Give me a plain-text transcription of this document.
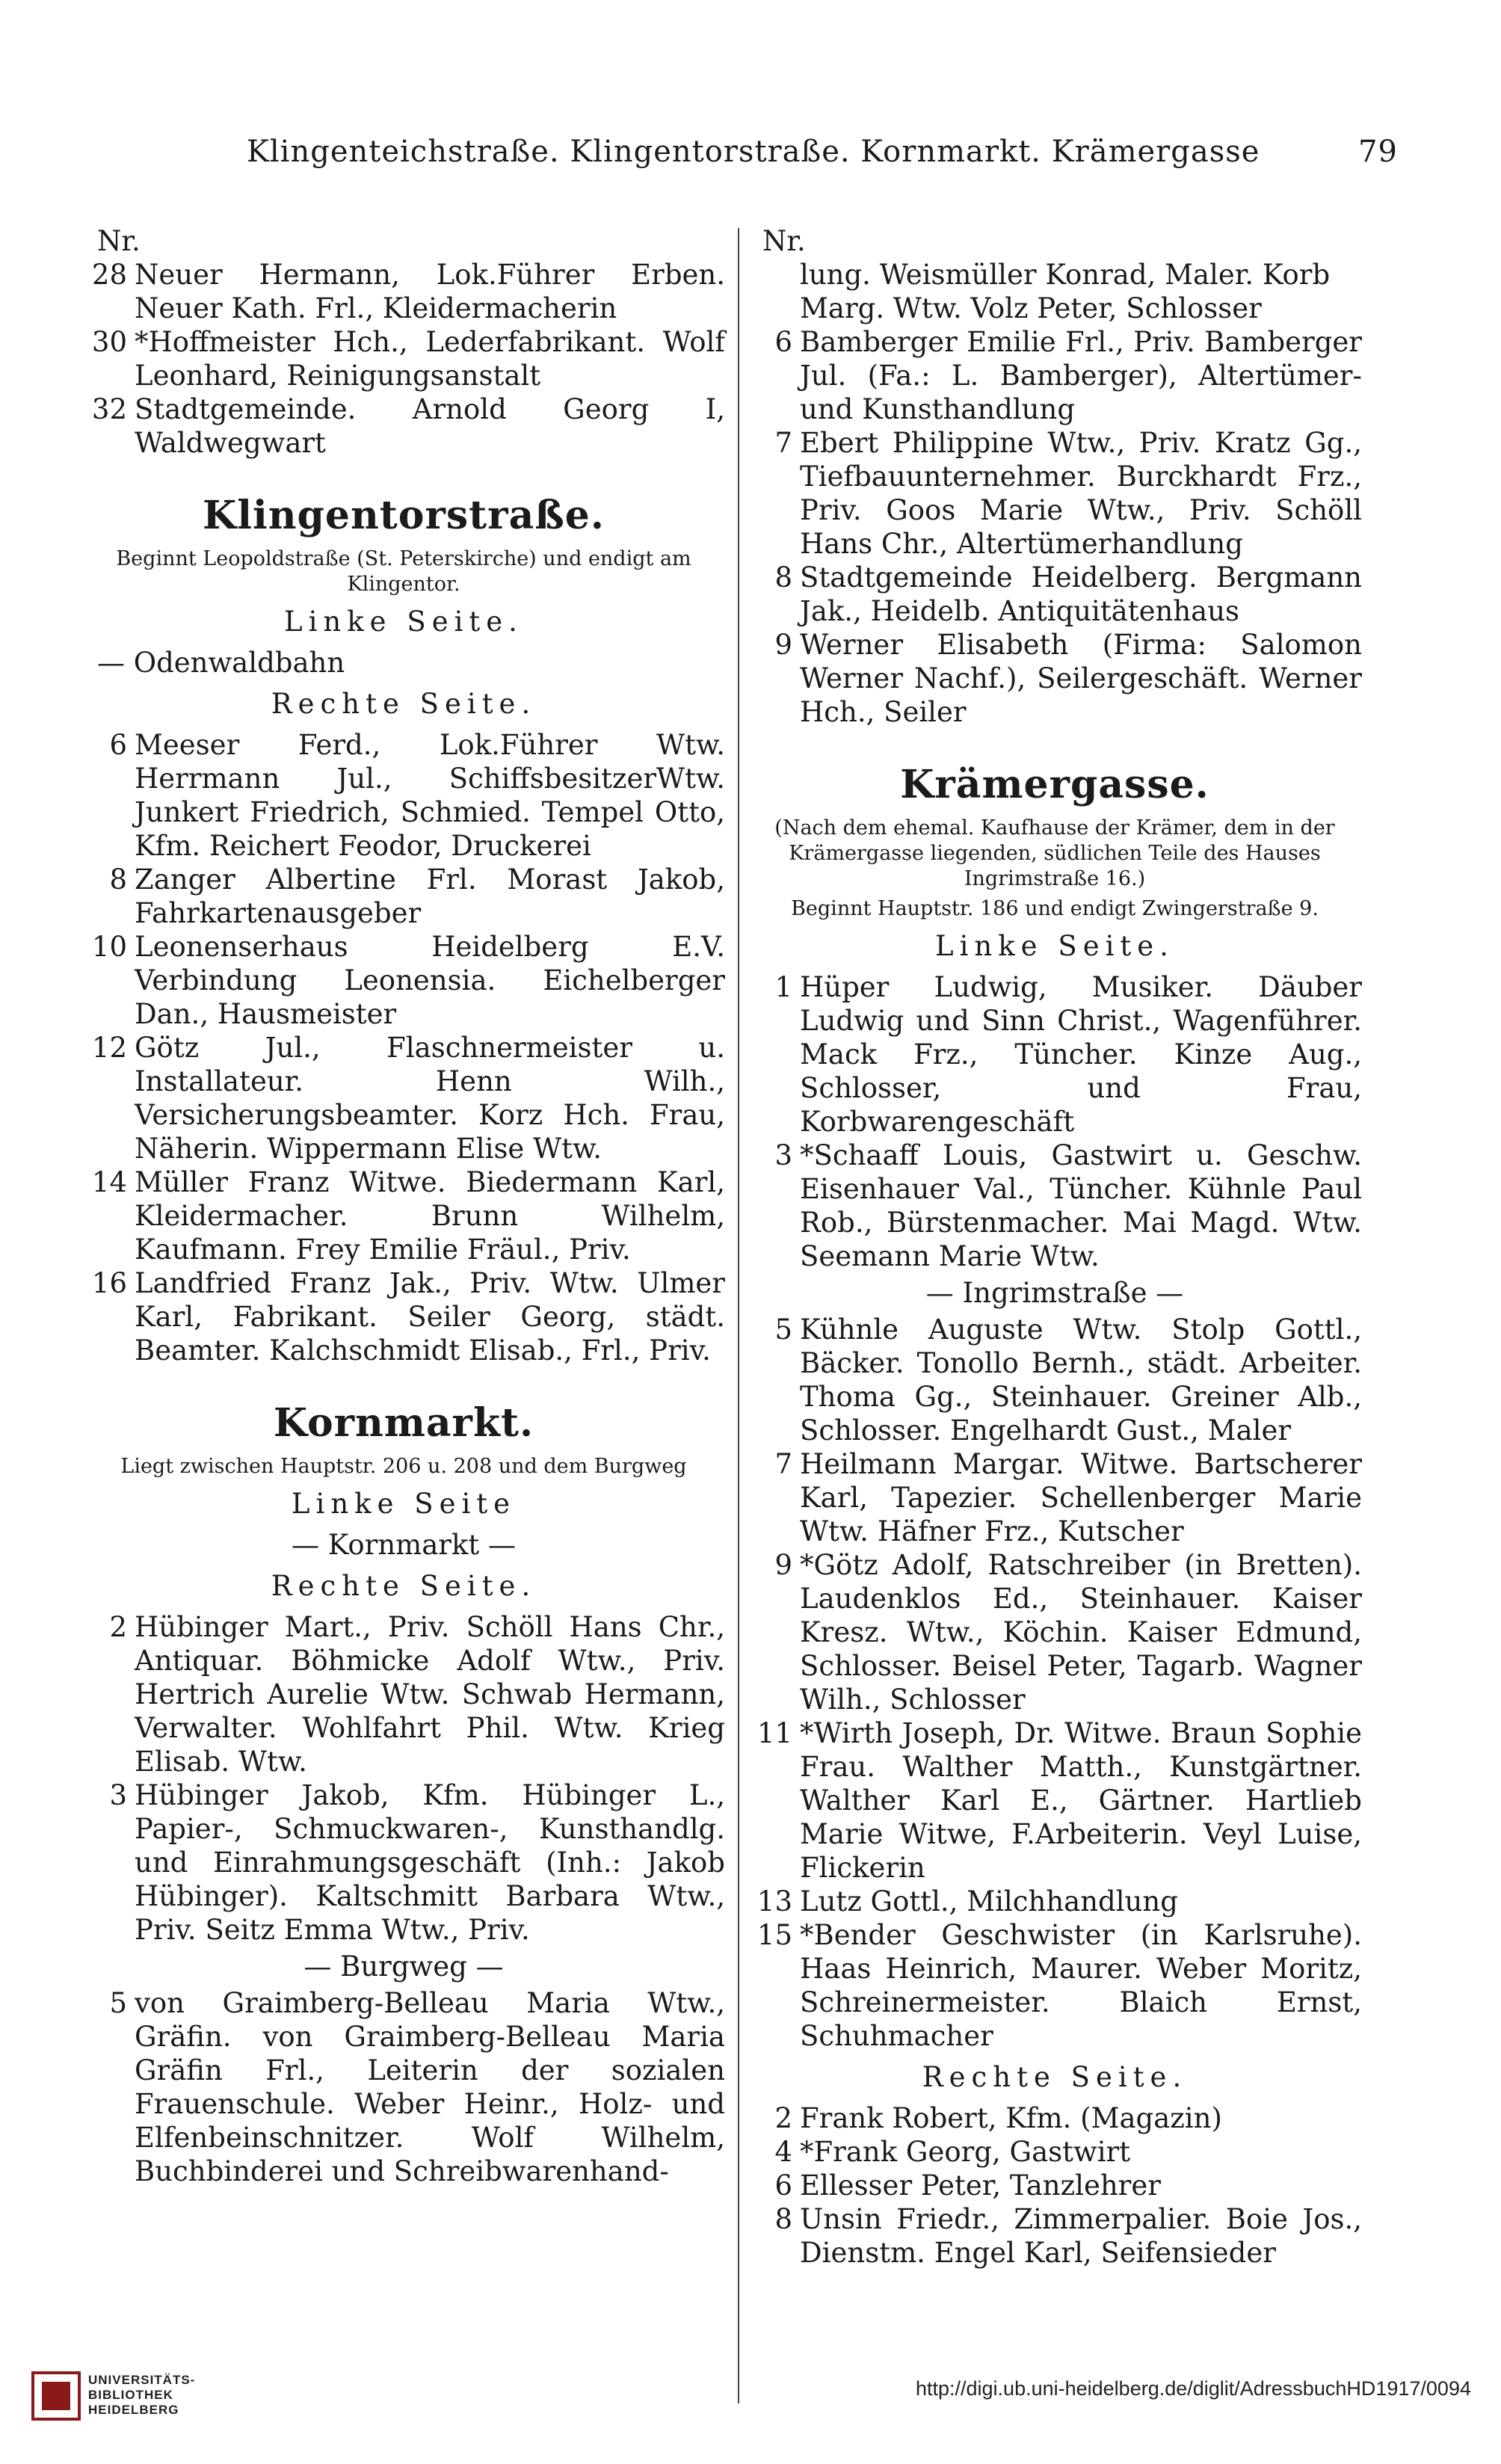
Klingenteichstraße. Klingentorstraße. Kornmarkt. Krämergasse	79

Nr.

28 Neuer Hermann, Lok.Führer Erben. Neuer Kath. Frl., Kleidermacherin

30 *Hoffmeister Hch., Lederfabrikant. Wolf Leonhard, Reinigungsanstalt

32 Stadtgemeinde. Arnold Georg I, Waldwegwart

Klingentorstraße.
Beginnt Leopoldstraße (St. Peterskirche) und endigt am Klingentor.
Linke Seite.
— Odenwaldbahn
Rechte Seite.

6 Meeser Ferd., Lok.Führer Wtw. Herrmann Jul., SchiffsbesitzerWtw. Junkert Friedrich, Schmied. Tempel Otto, Kfm. Reichert Feodor, Druckerei

8 Zanger Albertine Frl. Morast Jakob, Fahrkartenausgeber

10 Leonenserhaus Heidelberg E.V. Verbindung Leonensia. Eichelberger Dan., Hausmeister

12 Götz Jul., Flaschnermeister u. Installateur. Henn Wilh., Versicherungsbeamter. Korz Hch. Frau, Näherin. Wippermann Elise Wtw.

14 Müller Franz Witwe. Biedermann Karl, Kleidermacher. Brunn Wilhelm, Kaufmann. Frey Emilie Fräul., Priv.

16 Landfried Franz Jak., Priv. Wtw. Ulmer Karl, Fabrikant. Seiler Georg, städt. Beamter. Kalchschmidt Elisab., Frl., Priv.

Kornmarkt.
Liegt zwischen Hauptstr. 206 u. 208 und dem Burgweg
Linke Seite
— Kornmarkt —
Rechte Seite.

2 Hübinger Mart., Priv. Schöll Hans Chr., Antiquar. Böhmicke Adolf Wtw., Priv. Hertrich Aurelie Wtw. Schwab Hermann, Verwalter. Wohlfahrt Phil. Wtw. Krieg Elisab. Wtw.

3 Hübinger Jakob, Kfm. Hübinger L., Papier-, Schmuckwaren-, Kunsthandlg. und Einrahmungsgeschäft (Inh.: Jakob Hübinger). Kaltschmitt Barbara Wtw., Priv. Seitz Emma Wtw., Priv.

— Burgweg —

5 von Graimberg-Belleau Maria Wtw., Gräfin. von Graimberg-Belleau Maria Gräfin Frl., Leiterin der sozialen Frauenschule. Weber Heinr., Holz- und Elfenbeinschnitzer. Wolf Wilhelm, Buchbinderei und Schreibwarenhand-

Nr.

lung. Weismüller Konrad, Maler. Korb Marg. Wtw. Volz Peter, Schlosser

6 Bamberger Emilie Frl., Priv. Bamberger Jul. (Fa.: L. Bamberger), Altertümer- und Kunsthandlung

7 Ebert Philippine Wtw., Priv. Kratz Gg., Tiefbauunternehmer. Burckhardt Frz., Priv. Goos Marie Wtw., Priv. Schöll Hans Chr., Altertümerhandlung

8 Stadtgemeinde Heidelberg. Bergmann Jak., Heidelb. Antiquitätenhaus

9 Werner Elisabeth (Firma: Salomon Werner Nachf.), Seilergeschäft. Werner Hch., Seiler

Krämergasse.
(Nach dem ehemal. Kaufhause der Krämer, dem in der Krämergasse liegenden, südlichen Teile des Hauses Ingrimstraße 16.)
Beginnt Hauptstr. 186 und endigt Zwingerstraße 9.
Linke Seite.

1 Hüper Ludwig, Musiker. Däuber Ludwig und Sinn Christ., Wagenführer. Mack Frz., Tüncher. Kinze Aug., Schlosser, und Frau, Korbwarengeschäft

3 *Schaaff Louis, Gastwirt u. Geschw. Eisenhauer Val., Tüncher. Kühnle Paul Rob., Bürstenmacher. Mai Magd. Wtw. Seemann Marie Wtw.

— Ingrimstraße —

5 Kühnle Auguste Wtw. Stolp Gottl., Bäcker. Tonollo Bernh., städt. Arbeiter. Thoma Gg., Steinhauer. Greiner Alb., Schlosser. Engelhardt Gust., Maler

7 Heilmann Margar. Witwe. Bartscherer Karl, Tapezier. Schellenberger Marie Wtw. Häfner Frz., Kutscher

9 *Götz Adolf, Ratschreiber (in Bretten). Laudenklos Ed., Steinhauer. Kaiser Kresz. Wtw., Köchin. Kaiser Edmund, Schlosser. Beisel Peter, Tagarb. Wagner Wilh., Schlosser

11 *Wirth Joseph, Dr. Witwe. Braun Sophie Frau. Walther Matth., Kunstgärtner. Walther Karl E., Gärtner. Hartlieb Marie Witwe, F.Arbeiterin. Veyl Luise, Flickerin

13 Lutz Gottl., Milchhandlung

15 *Bender Geschwister (in Karlsruhe). Haas Heinrich, Maurer. Weber Moritz, Schreinermeister. Blaich Ernst, Schuhmacher

Rechte Seite.

2 Frank Robert, Kfm. (Magazin)

4 *Frank Georg, Gastwirt

6 Ellesser Peter, Tanzlehrer

8 Unsin Friedr., Zimmerpalier. Boie Jos., Dienstm. Engel Karl, Seifensieder

UNIVERSITÄTS-
BIBLIOTHEK
HEIDELBERG
http://digi.ub.uni-heidelberg.de/diglit/AdressbuchHD1917/0094
